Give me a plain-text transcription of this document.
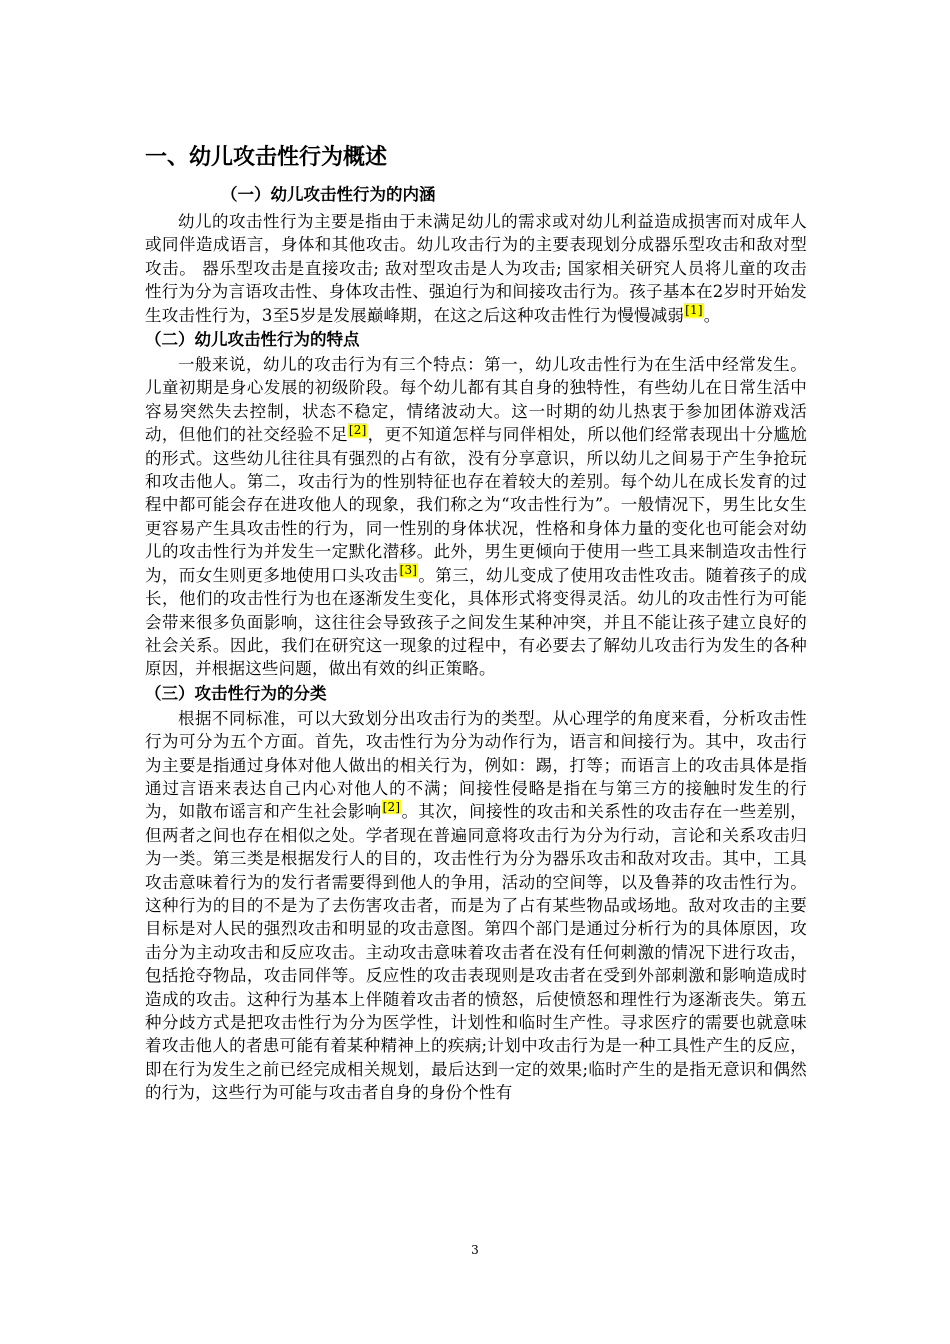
一、幼儿攻击性行为概述
（一）幼儿攻击性行为的内涵

幼儿的攻击性行为主要是指由于未满足幼儿的需求或对幼儿利益造成损害而对成年人或同伴造成语言，身体和其他攻击。幼儿攻击行为的主要表现划分成器乐型攻击和敌对型攻击。 器乐型攻击是直接攻击; 敌对型攻击是人为攻击; 国家相关研究人员将儿童的攻击性行为分为言语攻击性、身体攻击性、强迫行为和间接攻击行为。孩子基本在2岁时开始发生攻击性行为，3至5岁是发展巅峰期，在这之后这种攻击性行为慢慢减弱[1]。

（二）幼儿攻击性行为的特点

一般来说，幼儿的攻击行为有三个特点：第一，幼儿攻击性行为在生活中经常发生。儿童初期是身心发展的初级阶段。每个幼儿都有其自身的独特性，有些幼儿在日常生活中容易突然失去控制，状态不稳定，情绪波动大。这一时期的幼儿热衷于参加团体游戏活动，但他们的社交经验不足[2]，更不知道怎样与同伴相处，所以他们经常表现出十分尴尬的形式。这些幼儿往往具有强烈的占有欲，没有分享意识，所以幼儿之间易于产生争抢玩和攻击他人。第二，攻击行为的性别特征也存在着较大的差别。每个幼儿在成长发育的过程中都可能会存在进攻他人的现象，我们称之为“攻击性行为”。一般情况下，男生比女生更容易产生具攻击性的行为，同一性别的身体状况，性格和身体力量的变化也可能会对幼儿的攻击性行为并发生一定默化潜移。此外，男生更倾向于使用一些工具来制造攻击性行为，而女生则更多地使用口头攻击[3]。第三，幼儿变成了使用攻击性攻击。随着孩子的成长，他们的攻击性行为也在逐渐发生变化，具体形式将变得灵活。幼儿的攻击性行为可能会带来很多负面影响，这往往会导致孩子之间发生某种冲突，并且不能让孩子建立良好的社会关系。因此，我们在研究这一现象的过程中，有必要去了解幼儿攻击行为发生的各种原因，并根据这些问题，做出有效的纠正策略。

（三）攻击性行为的分类

根据不同标准，可以大致划分出攻击行为的类型。从心理学的角度来看，分析攻击性行为可分为五个方面。首先，攻击性行为分为动作行为，语言和间接行为。其中，攻击行为主要是指通过身体对他人做出的相关行为，例如：踢，打等；而语言上的攻击具体是指通过言语来表达自己内心对他人的不满；间接性侵略是指在与第三方的接触时发生的行为，如散布谣言和产生社会影响[2]。其次，间接性的攻击和关系性的攻击存在一些差别，但两者之间也存在相似之处。学者现在普遍同意将攻击行为分为行动，言论和关系攻击归为一类。第三类是根据发行人的目的，攻击性行为分为器乐攻击和敌对攻击。其中，工具攻击意味着行为的发行者需要得到他人的争用，活动的空间等，以及鲁莽的攻击性行为。这种行为的目的不是为了去伤害攻击者，而是为了占有某些物品或场地。敌对攻击的主要目标是对人民的强烈攻击和明显的攻击意图。第四个部门是通过分析行为的具体原因，攻击分为主动攻击和反应攻击。主动攻击意味着攻击者在没有任何刺激的情况下进行攻击，包括抢夺物品，攻击同伴等。反应性的攻击表现则是攻击者在受到外部刺激和影响造成时造成的攻击。这种行为基本上伴随着攻击者的愤怒，后使愤怒和理性行为逐渐丧失。第五种分歧方式是把攻击性行为分为医学性，计划性和临时生产性。寻求医疗的需要也就意味着攻击他人的者患可能有着某种精神上的疾病;计划中攻击行为是一种工具性产生的反应，即在行为发生之前已经完成相关规划，最后达到一定的效果;临时产生的是指无意识和偶然的行为，这些行为可能与攻击者自身的身份个性有

3
